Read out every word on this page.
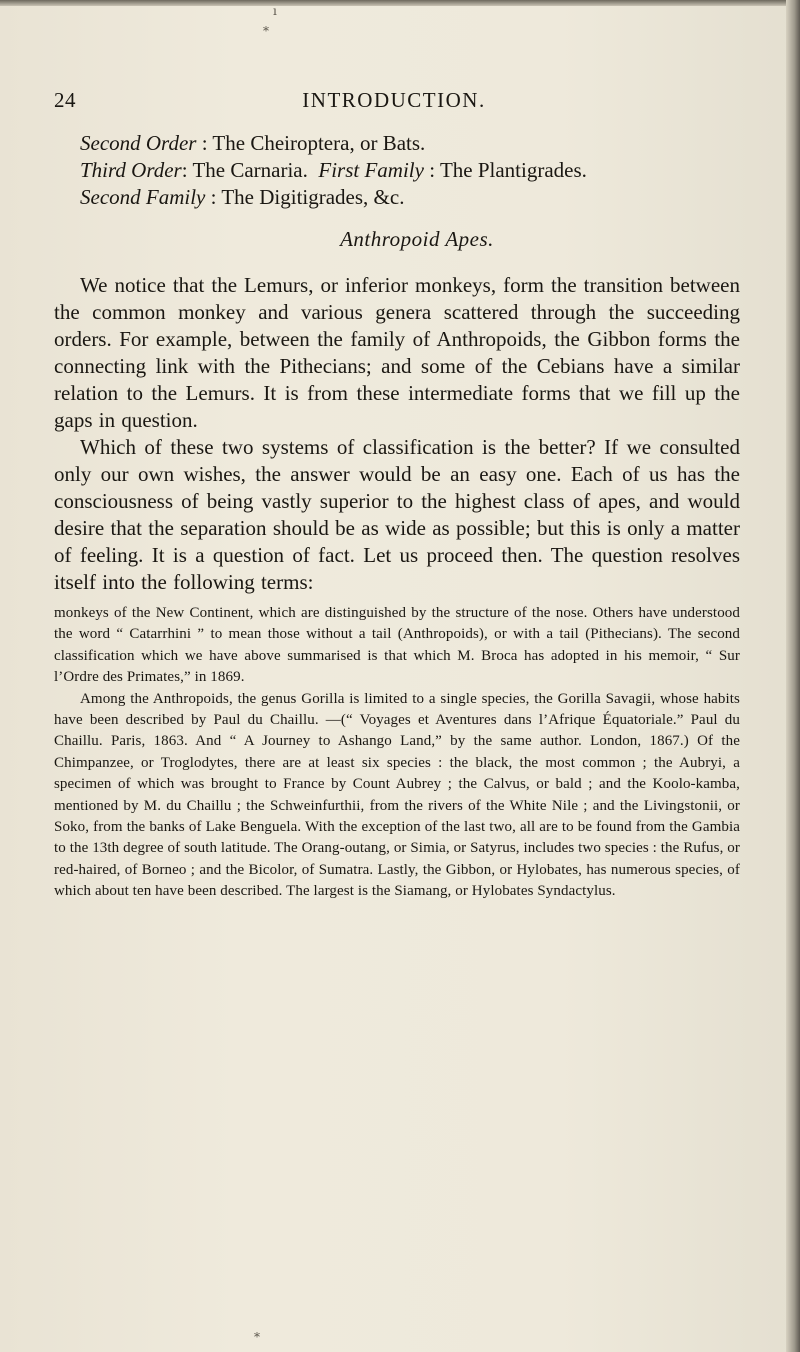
ı
*
*
24	INTRODUCTION.

Second Order : The Cheiroptera, or Bats.

Third Order: The Carnaria. First Family : The Plantigrades.

Second Family : The Digitigrades, &c.

Anthropoid Apes.

We notice that the Lemurs, or inferior monkeys, form the transition between the common monkey and various genera scattered through the succeeding orders. For example, between the family of Anthropoids, the Gibbon forms the connecting link with the Pithecians; and some of the Cebians have a similar relation to the Lemurs. It is from these intermediate forms that we fill up the gaps in question.

Which of these two systems of classification is the better? If we consulted only our own wishes, the answer would be an easy one. Each of us has the consciousness of being vastly superior to the highest class of apes, and would desire that the separation should be as wide as possible; but this is only a matter of feeling. It is a question of fact. Let us proceed then. The question resolves itself into the following terms:

monkeys of the New Continent, which are distinguished by the structure of the nose. Others have understood the word “ Catarrhini ” to mean those without a tail (Anthropoids), or with a tail (Pithecians). The second classification which we have above summarised is that which M. Broca has adopted in his memoir, “ Sur l’Ordre des Primates,” in 1869.

Among the Anthropoids, the genus Gorilla is limited to a single species, the Gorilla Savagii, whose habits have been described by Paul du Chaillu. —(“ Voyages et Aventures dans l’Afrique Équatoriale.” Paul du Chaillu. Paris, 1863. And “ A Journey to Ashango Land,” by the same author. London, 1867.) Of the Chimpanzee, or Troglodytes, there are at least six species : the black, the most common ; the Aubryi, a specimen of which was brought to France by Count Aubrey ; the Calvus, or bald ; and the Koolo-kamba, mentioned by M. du Chaillu ; the Schweinfurthii, from the rivers of the White Nile ; and the Livingstonii, or Soko, from the banks of Lake Benguela. With the exception of the last two, all are to be found from the Gambia to the 13th degree of south latitude. The Orang-outang, or Simia, or Satyrus, includes two species : the Rufus, or red-haired, of Borneo ; and the Bicolor, of Sumatra. Lastly, the Gibbon, or Hylobates, has numerous species, of which about ten have been described. The largest is the Siamang, or Hylobates Syndactylus.
